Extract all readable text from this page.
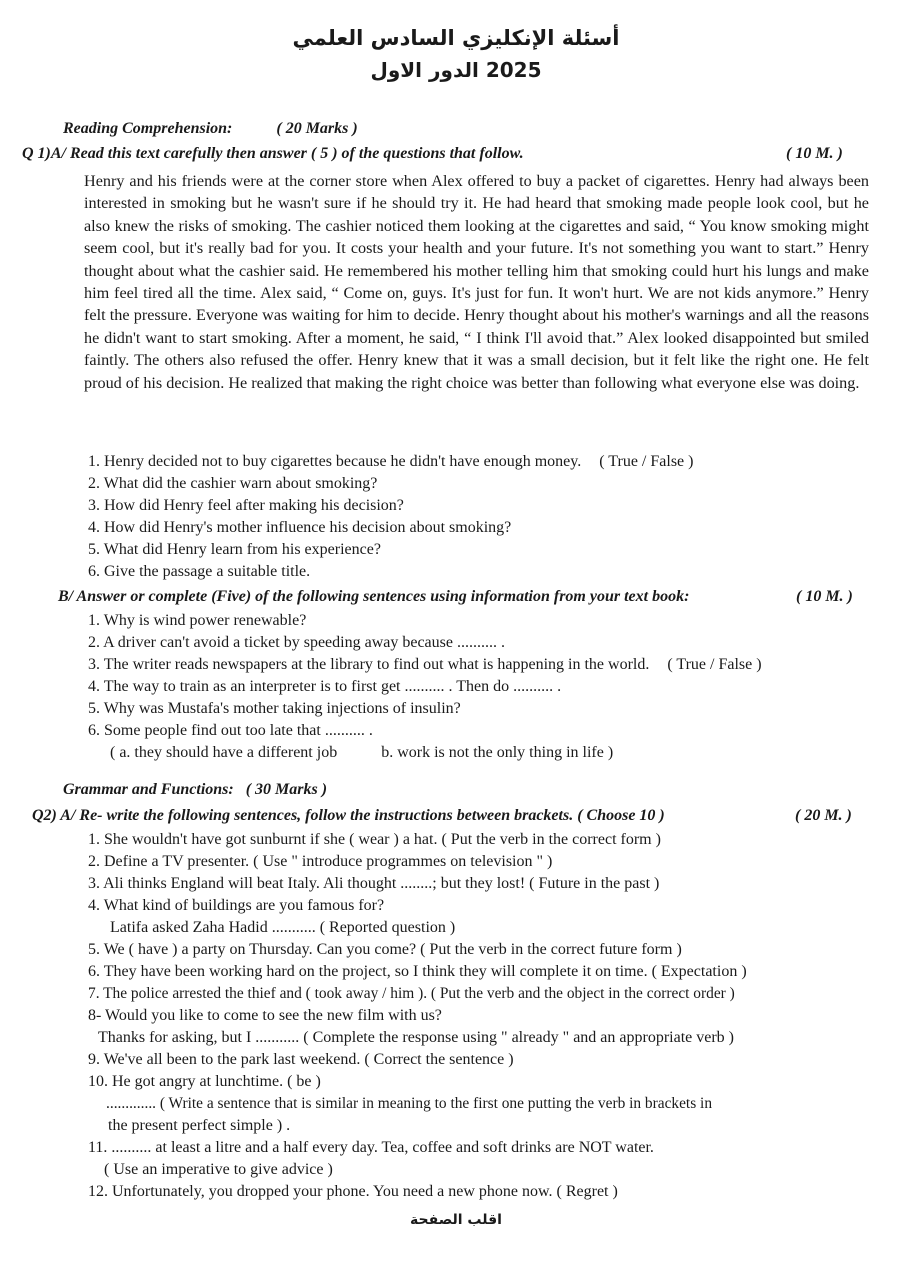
أسئلة الإنكليزي السادس العلمي
2025 الدور الاول
Reading Comprehension:	( 20 Marks )
Q 1)A/ Read this text carefully then answer ( 5 ) of the questions that follow.	( 10 M. )
Henry and his friends were at the corner store when Alex offered to buy a packet of cigarettes. Henry had always been interested in smoking but he wasn't sure if he should try it. He had heard that smoking made people look cool, but he also knew the risks of smoking. The cashier noticed them looking at the cigarettes and said, “ You know smoking might seem cool, but it's really bad for you. It costs your health and your future. It's not something you want to start.” Henry thought about what the cashier said. He remembered his mother telling him that smoking could hurt his lungs and make him feel tired all the time. Alex said, “ Come on, guys. It's just for fun. It won't hurt. We are not kids anymore.” Henry felt the pressure. Everyone was waiting for him to decide. Henry thought about his mother's warnings and all the reasons he didn't want to start smoking. After a moment, he said, “ I think I'll avoid that.” Alex looked disappointed but smiled faintly. The others also refused the offer. Henry knew that it was a small decision, but it felt like the right one. He felt proud of his decision. He realized that making the right choice was better than following what everyone else was doing.
1. Henry decided not to buy cigarettes because he didn't have enough money. ( True / False )
2. What did the cashier warn about smoking?
3. How did Henry feel after making his decision?
4. How did Henry's mother influence his decision about smoking?
5. What did Henry learn from his experience?
6. Give the passage a suitable title.
B/ Answer or complete (Five) of the following sentences using information from your text book:	( 10 M. )
1. Why is wind power renewable?
2. A driver can't avoid a ticket by speeding away because .......... .
3. The writer reads newspapers at the library to find out what is happening in the world. ( True / False )
4. The way to train as an interpreter is to first get .......... . Then do .......... .
5. Why was Mustafa's mother taking injections of insulin?
6. Some people find out too late that .......... .
( a. they should have a different job	b. work is not the only thing in life )
Grammar and Functions: ( 30 Marks )
Q2) A/ Re- write the following sentences, follow the instructions between brackets. ( Choose 10 )	( 20 M. )
1. She wouldn't have got sunburnt if she ( wear ) a hat. ( Put the verb in the correct form )
2. Define a TV presenter. ( Use " introduce programmes on television " )
3. Ali thinks England will beat Italy. Ali thought ........; but they lost! ( Future in the past )
4. What kind of buildings are you famous for?
Latifa asked Zaha Hadid ........... ( Reported question )
5. We ( have ) a party on Thursday. Can you come? ( Put the verb in the correct future form )
6. They have been working hard on the project, so I think they will complete it on time. ( Expectation )
7. The police arrested the thief and ( took away / him ). ( Put the verb and the object in the correct order )
8- Would you like to come to see the new film with us?
Thanks for asking, but I ........... ( Complete the response using " already " and an appropriate verb )
9. We've all been to the park last weekend. ( Correct the sentence )
10. He got angry at lunchtime. ( be )
............. ( Write a sentence that is similar in meaning to the first one putting the verb in brackets in
the present perfect simple ) .
11. .......... at least a litre and a half every day. Tea, coffee and soft drinks are NOT water.
( Use an imperative to give advice )
12. Unfortunately, you dropped your phone. You need a new phone now. ( Regret )
اقلب الصفحة
